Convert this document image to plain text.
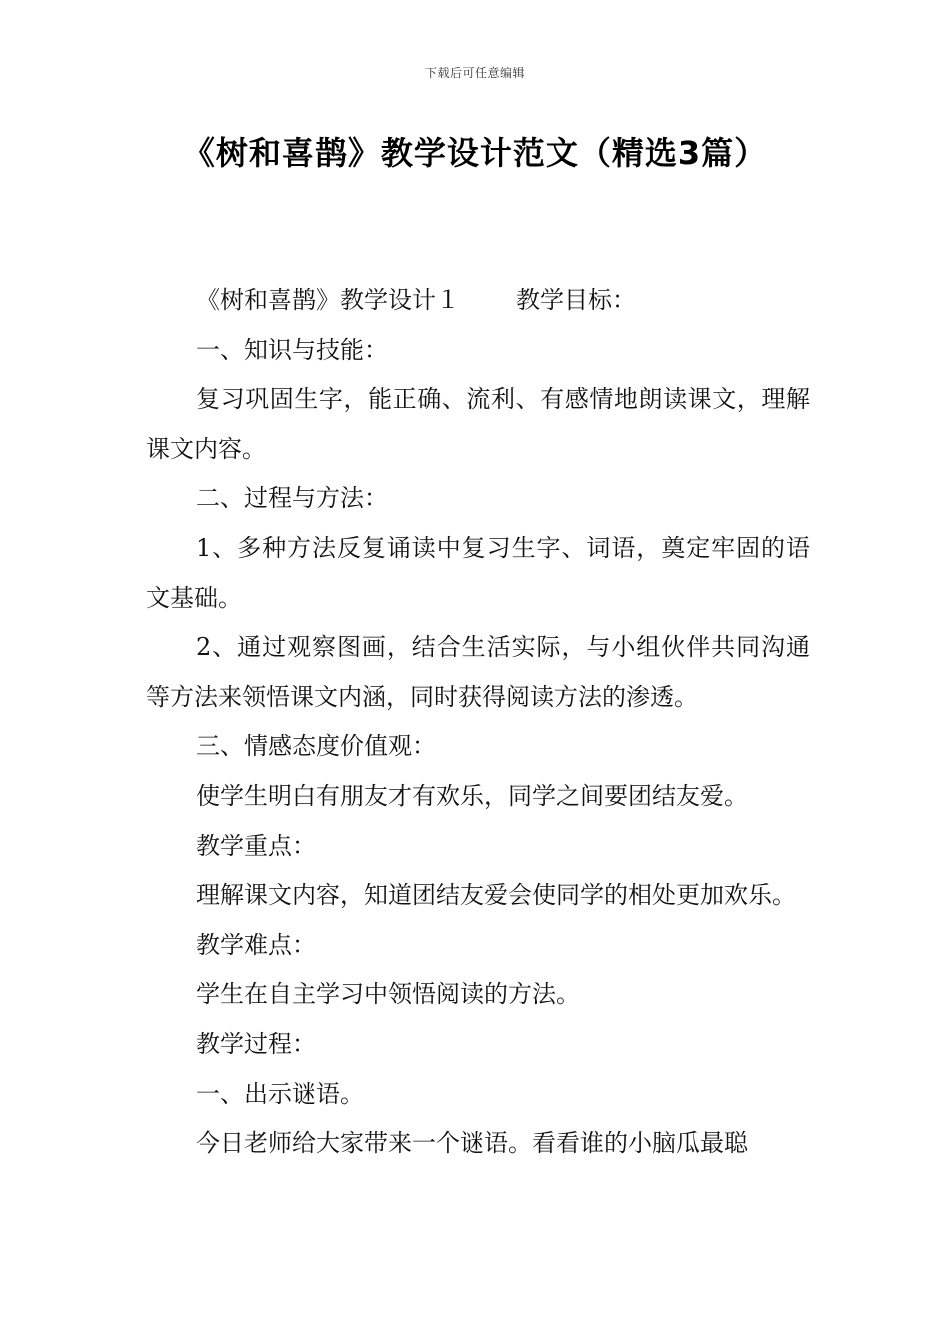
下载后可任意编辑
《树和喜鹊》教学设计范文（精选3篇）

《树和喜鹊》教学设计１ 教学目标：

一、知识与技能：

复习巩固生字，能正确、流利、有感情地朗读课文，理解课文内容。

二、过程与方法：

1、多种方法反复诵读中复习生字、词语，奠定牢固的语文基础。

2、通过观察图画，结合生活实际，与小组伙伴共同沟通等方法来领悟课文内涵，同时获得阅读方法的渗透。

三、情感态度价值观：

使学生明白有朋友才有欢乐，同学之间要团结友爱。

教学重点：

理解课文内容，知道团结友爱会使同学的相处更加欢乐。

教学难点：

学生在自主学习中领悟阅读的方法。

教学过程：

一、出示谜语。

今日老师给大家带来一个谜语。看看谁的小脑瓜最聪
